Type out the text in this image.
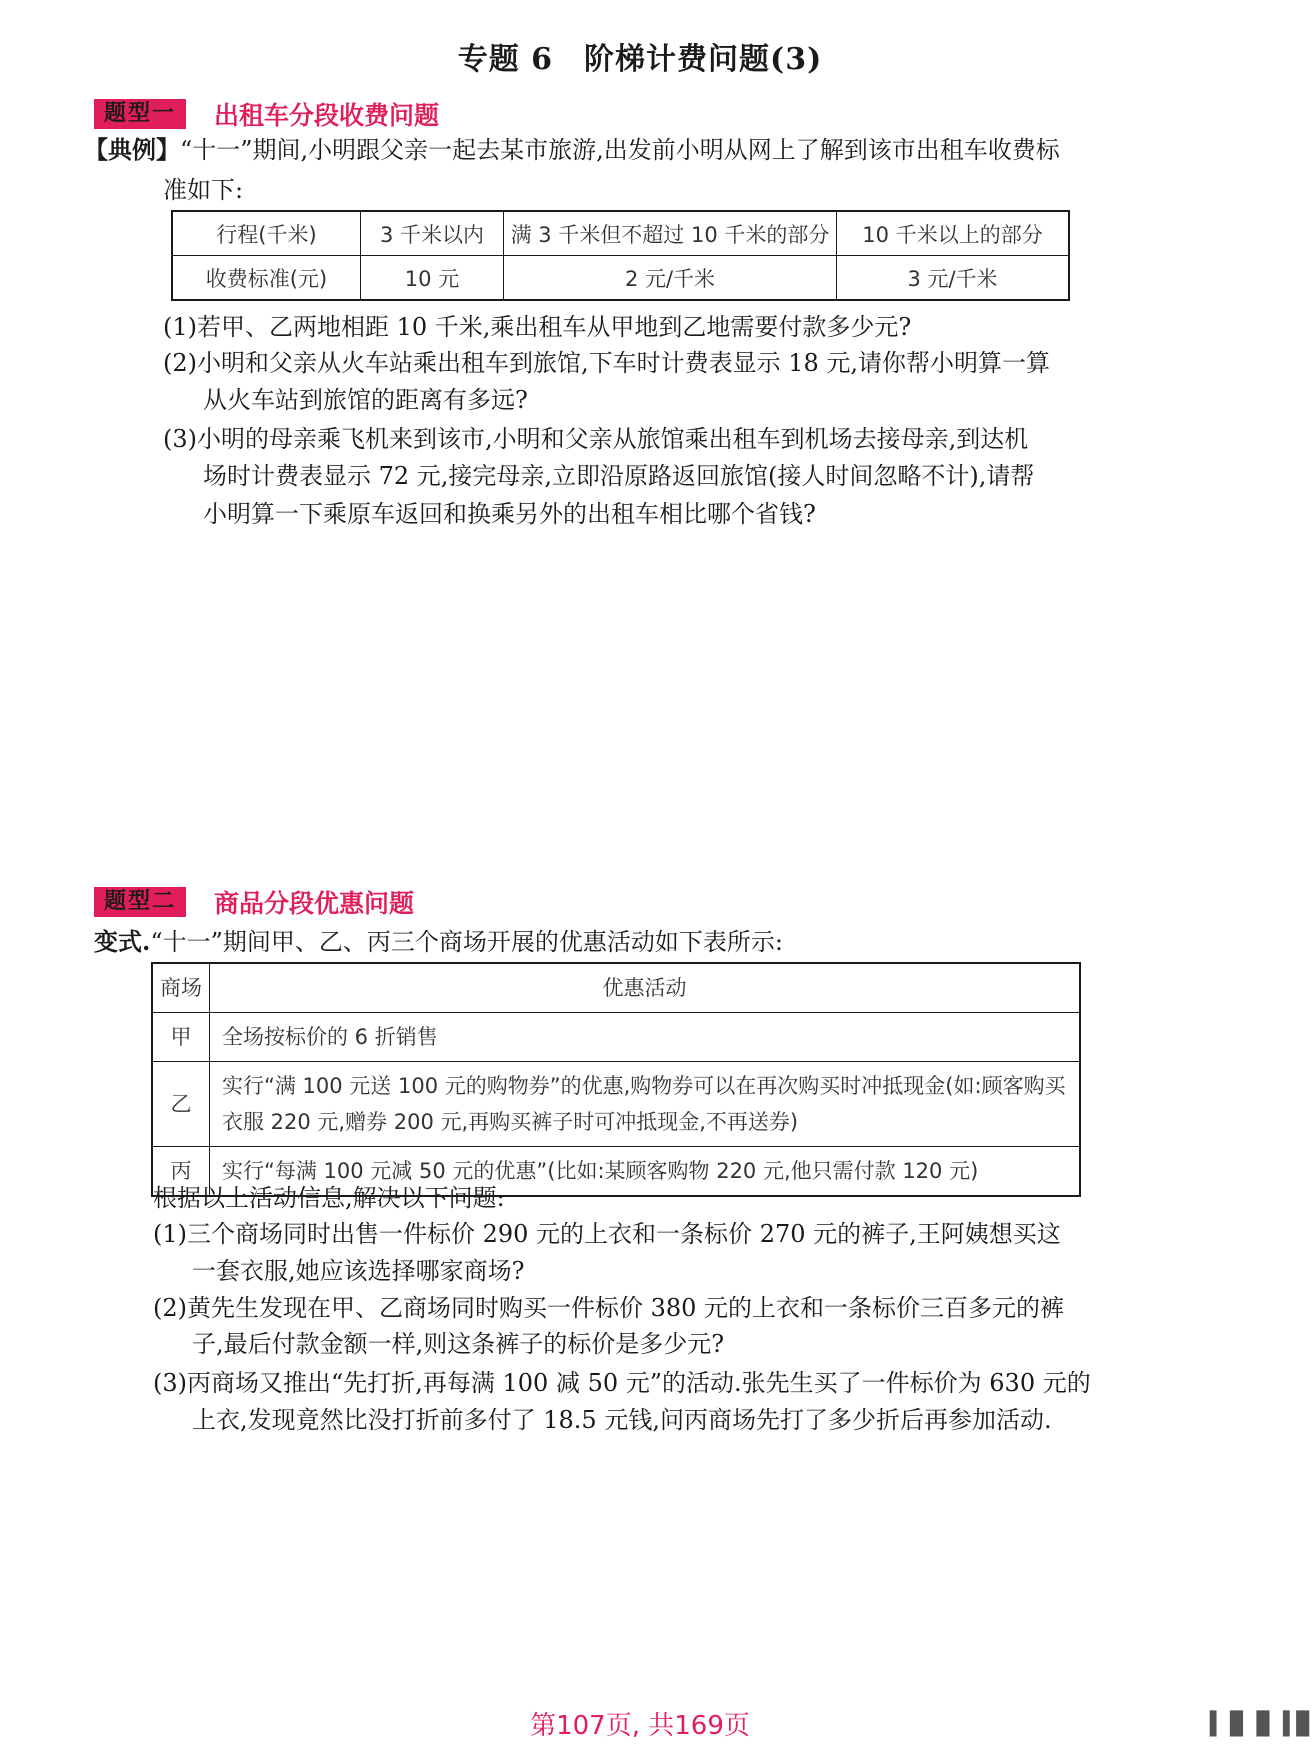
专题 6　阶梯计费问题(3)
题型一	出租车分段收费问题
【典例】“十一”期间,小明跟父亲一起去某市旅游,出发前小明从网上了解到该市出租车收费标
准如下:
行程(千米)	3 千米以内	满 3 千米但不超过 10 千米的部分	10 千米以上的部分
收费标准(元)	10 元	2 元/千米	3 元/千米
(1)若甲、乙两地相距 10 千米,乘出租车从甲地到乙地需要付款多少元?
(2)小明和父亲从火车站乘出租车到旅馆,下车时计费表显示 18 元,请你帮小明算一算
从火车站到旅馆的距离有多远?
(3)小明的母亲乘飞机来到该市,小明和父亲从旅馆乘出租车到机场去接母亲,到达机
场时计费表显示 72 元,接完母亲,立即沿原路返回旅馆(接人时间忽略不计),请帮
小明算一下乘原车返回和换乘另外的出租车相比哪个省钱?
题型二	商品分段优惠问题
变式.“十一”期间甲、乙、丙三个商场开展的优惠活动如下表所示:
商场	优惠活动
甲	全场按标价的 6 折销售
乙	实行“满 100 元送 100 元的购物券”的优惠,购物券可以在再次购买时冲抵现金(如:顾客购买
衣服 220 元,赠券 200 元,再购买裤子时可冲抵现金,不再送券)

丙	实行“每满 100 元减 50 元的优惠”(比如:某顾客购物 220 元,他只需付款 120 元)
根据以上活动信息,解决以下问题:
(1)三个商场同时出售一件标价 290 元的上衣和一条标价 270 元的裤子,王阿姨想买这
一套衣服,她应该选择哪家商场?
(2)黄先生发现在甲、乙商场同时购买一件标价 380 元的上衣和一条标价三百多元的裤
子,最后付款金额一样,则这条裤子的标价是多少元?
(3)丙商场又推出“先打折,再每满 100 减 50 元”的活动.张先生买了一件标价为 630 元的
上衣,发现竟然比没打折前多付了 18.5 元钱,问丙商场先打了多少折后再参加活动.
第107页, 共169页	▌▐▌▐▌▐▐▌
